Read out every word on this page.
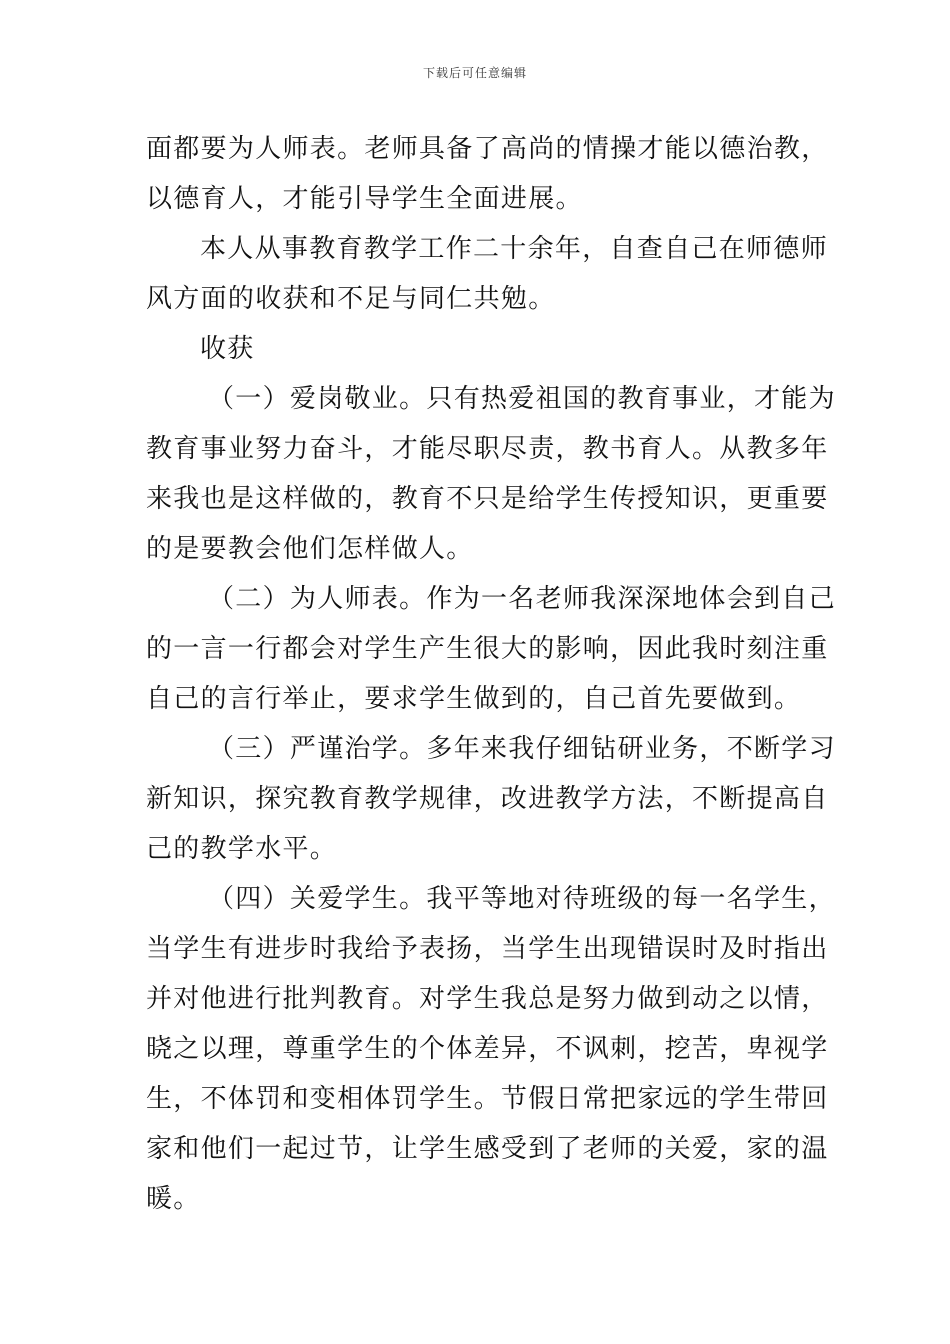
下载后可任意编辑
面都要为人师表。老师具备了高尚的情操才能以德治教，
以德育人，才能引导学生全面进展。
本人从事教育教学工作二十余年，自查自己在师德师
风方面的收获和不足与同仁共勉。
收获
（一）爱岗敬业。只有热爱祖国的教育事业，才能为
教育事业努力奋斗，才能尽职尽责，教书育人。从教多年
来我也是这样做的，教育不只是给学生传授知识，更重要
的是要教会他们怎样做人。
（二）为人师表。作为一名老师我深深地体会到自己
的一言一行都会对学生产生很大的影响，因此我时刻注重
自己的言行举止，要求学生做到的，自己首先要做到。
（三）严谨治学。多年来我仔细钻研业务，不断学习
新知识，探究教育教学规律，改进教学方法，不断提高自
己的教学水平。
（四）关爱学生。我平等地对待班级的每一名学生，
当学生有进步时我给予表扬，当学生出现错误时及时指出
并对他进行批判教育。对学生我总是努力做到动之以情，
晓之以理，尊重学生的个体差异，不讽刺，挖苦，卑视学
生，不体罚和变相体罚学生。节假日常把家远的学生带回
家和他们一起过节，让学生感受到了老师的关爱，家的温
暖。
